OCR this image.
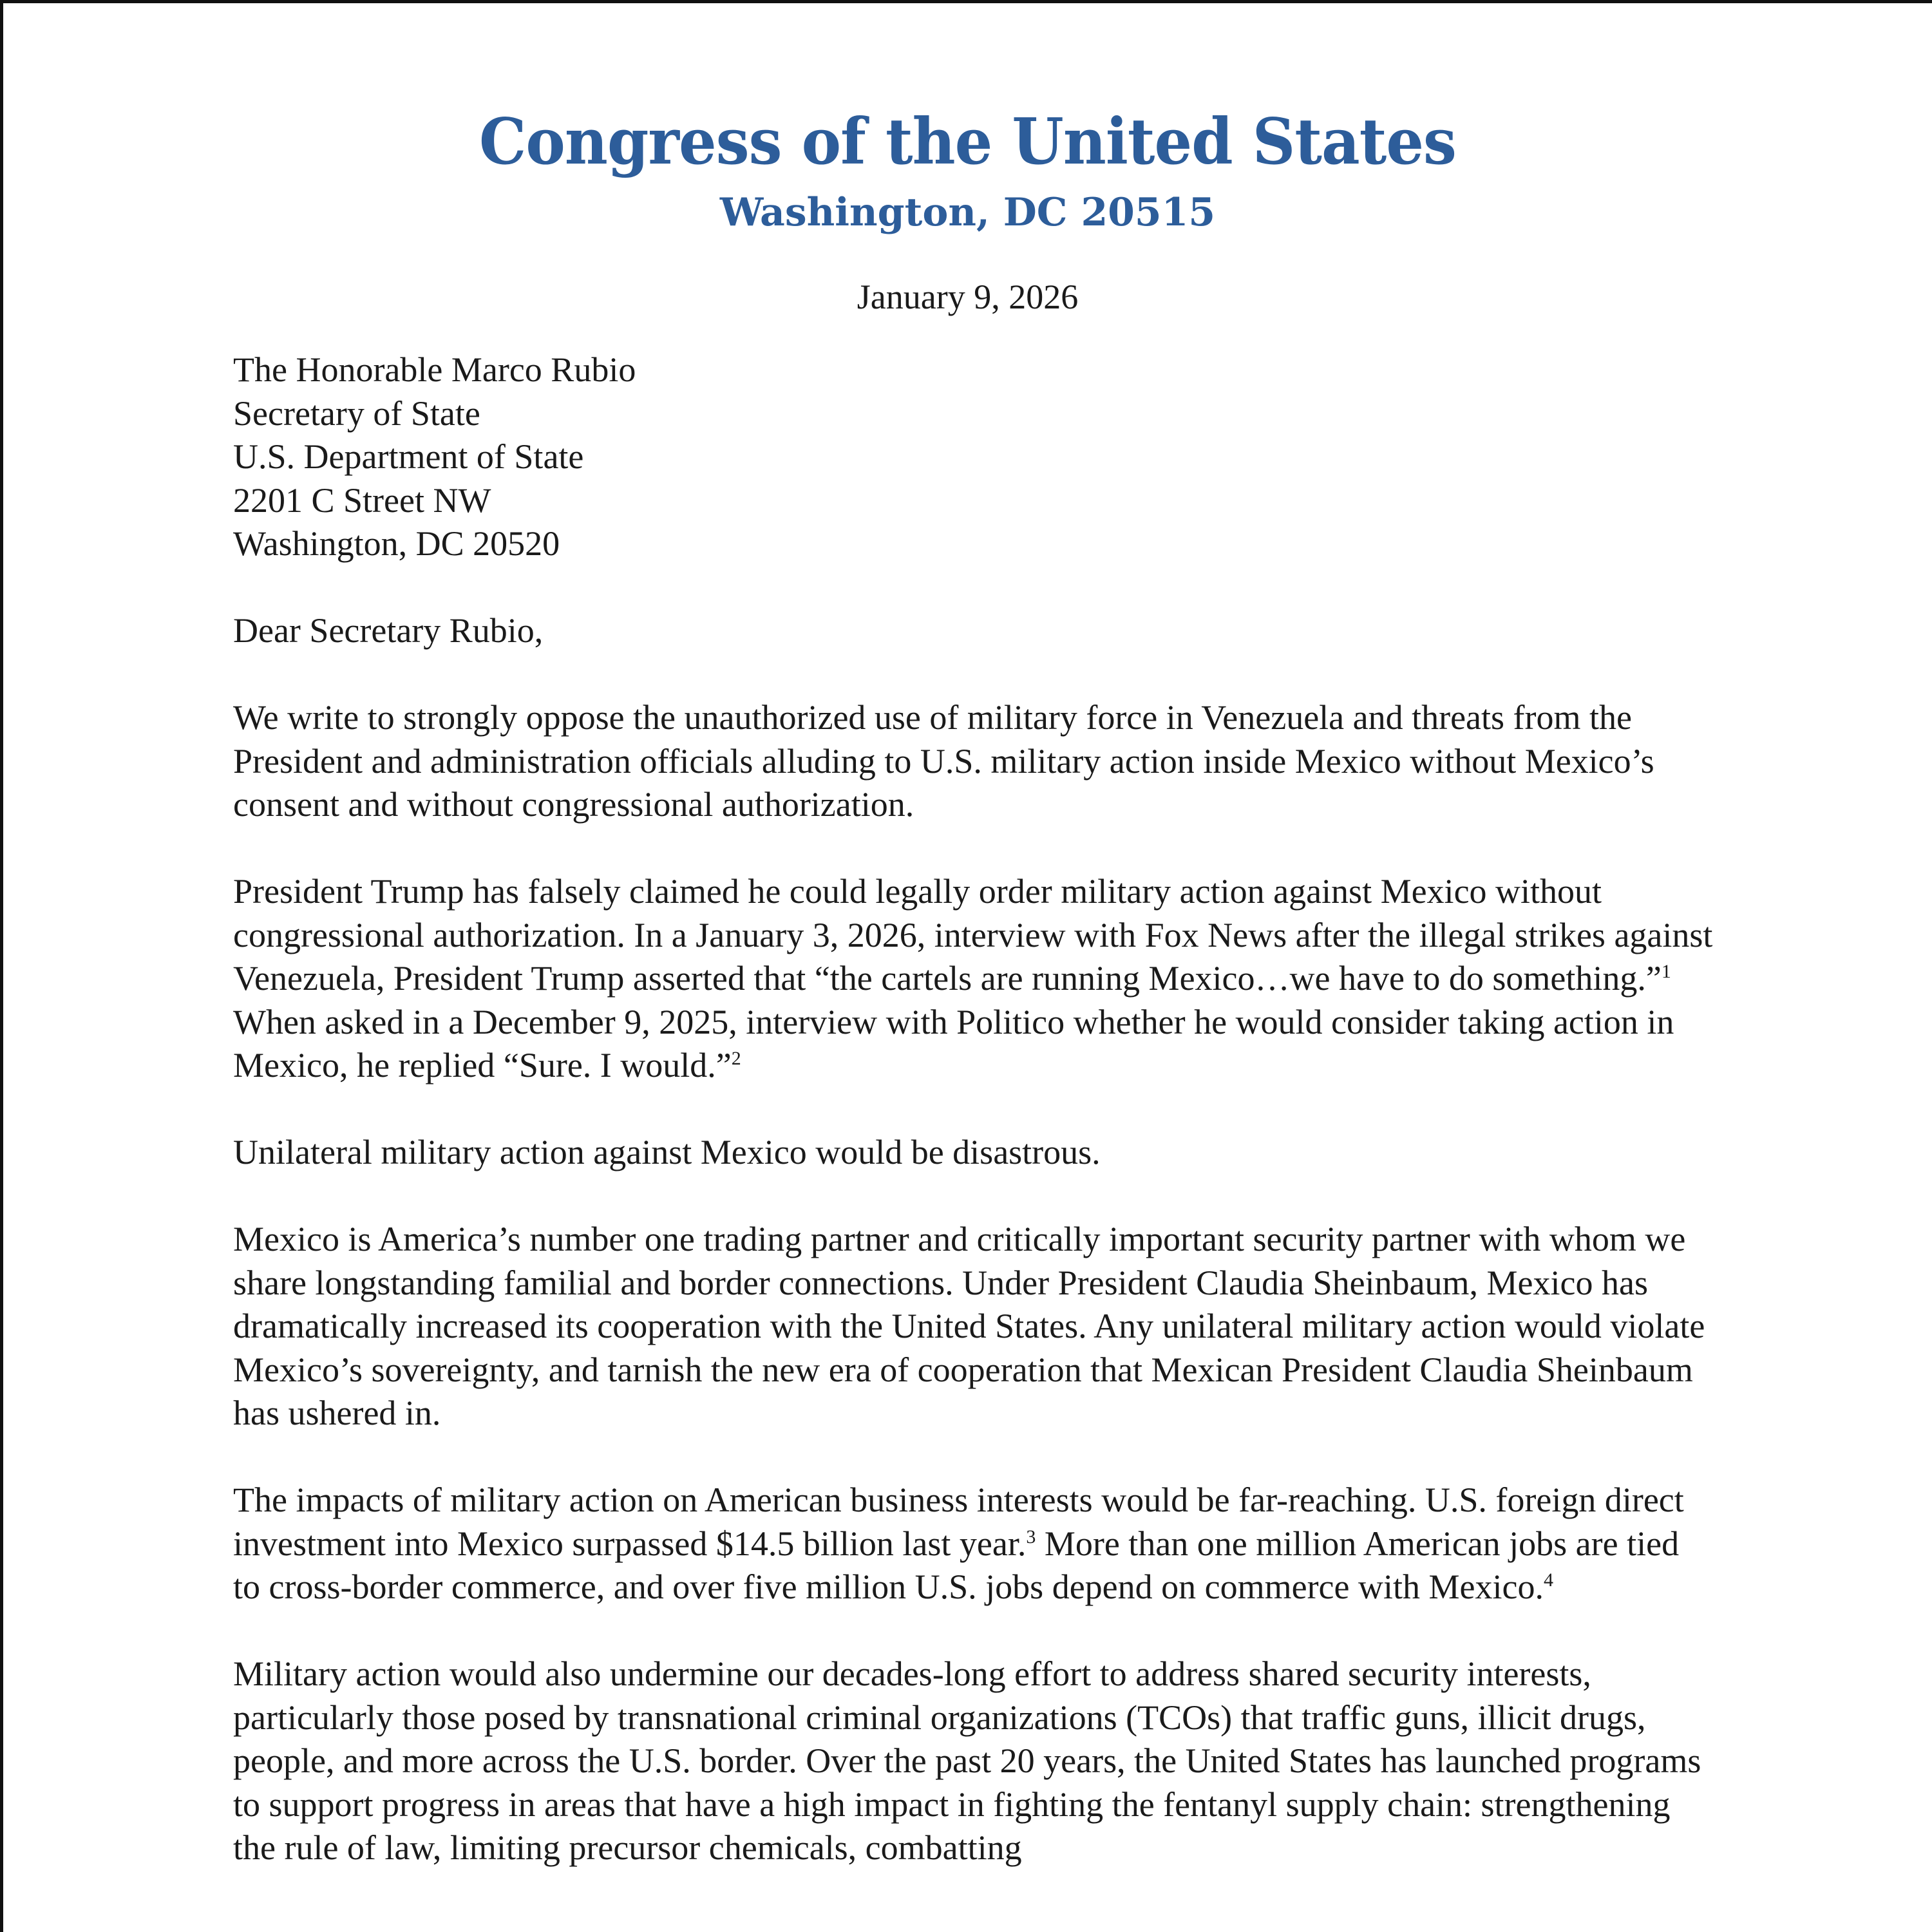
Congress of the United States
Washington, DC 20515
January 9, 2026
The Honorable Marco Rubio
Secretary of State
U.S. Department of State
2201 C Street NW
Washington, DC 20520
Dear Secretary Rubio,
We write to strongly oppose the unauthorized use of military force in Venezuela and threats from the President and administration officials alluding to U.S. military action inside Mexico without Mexico’s consent and without congressional authorization.
President Trump has falsely claimed he could legally order military action against Mexico without congressional authorization. In a January 3, 2026, interview with Fox News after the illegal strikes against Venezuela, President Trump asserted that “the cartels are running Mexico…we have to do something.”$^1$ When asked in a December 9, 2025, interview with Politico whether he would consider taking action in Mexico, he replied “Sure. I would.”$^2$
Unilateral military action against Mexico would be disastrous.
Mexico is America’s number one trading partner and critically important security partner with whom we share longstanding familial and border connections. Under President Claudia Sheinbaum, Mexico has dramatically increased its cooperation with the United States. Any unilateral military action would violate Mexico’s sovereignty, and tarnish the new era of cooperation that Mexican President Claudia Sheinbaum has ushered in.
The impacts of military action on American business interests would be far-reaching. U.S. foreign direct investment into Mexico surpassed $14.5 billion last year.$^3$ More than one million American jobs are tied to cross-border commerce, and over five million U.S. jobs depend on commerce with Mexico.$^4$
Military action would also undermine our decades-long effort to address shared security interests, particularly those posed by transnational criminal organizations (TCOs) that traffic guns, illicit drugs, people, and more across the U.S. border. Over the past 20 years, the United States has launched programs to support progress in areas that have a high impact in fighting the fentanyl supply chain: strengthening the rule of law, limiting precursor chemicals, combatting
